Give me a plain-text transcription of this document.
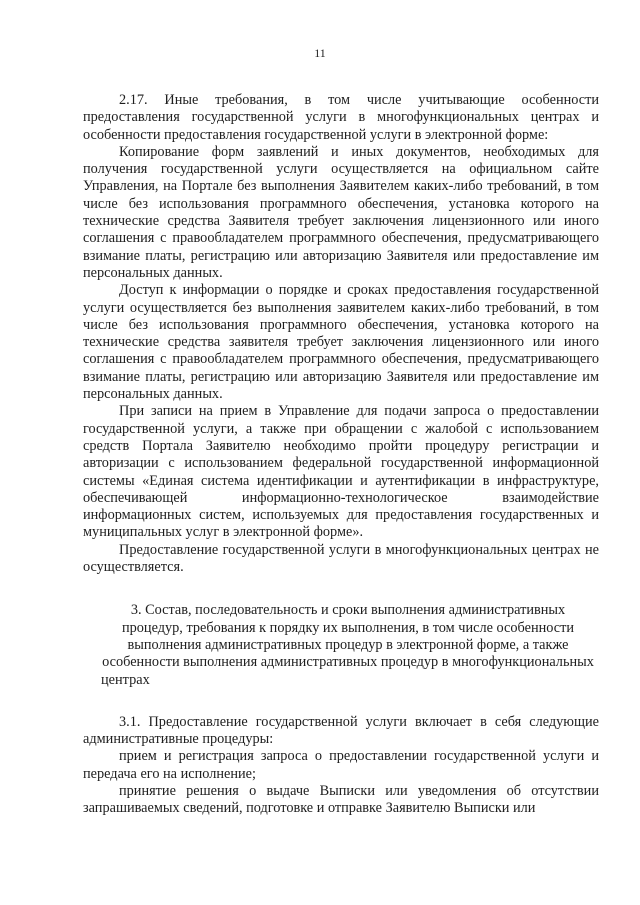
11

2.17. Иные требования, в том числе учитывающие особенности предоставления государственной услуги в многофункциональных центрах и особенности предоставления государственной услуги в электронной форме:

Копирование форм заявлений и иных документов, необходимых для получения государственной услуги осуществляется на официальном сайте Управления, на Портале без выполнения Заявителем каких-либо требований, в том числе без использования программного обеспечения, установка которого на технические средства Заявителя требует заключения лицензионного или иного соглашения с правообладателем программного обеспечения, предусматривающего взимание платы, регистрацию или авторизацию Заявителя или предоставление им персональных данных.

Доступ к информации о порядке и сроках предоставления государственной услуги осуществляется без выполнения заявителем каких-либо требований, в том числе без использования программного обеспечения, установка которого на технические средства заявителя требует заключения лицензионного или иного соглашения с правообладателем программного обеспечения, предусматривающего взимание платы, регистрацию или авторизацию Заявителя или предоставление им персональных данных.

При записи на прием в Управление для подачи запроса о предоставлении государственной услуги, а также при обращении с жалобой с использованием средств Портала Заявителю необходимо пройти процедуру регистрации и авторизации с использованием федеральной государственной информационной системы «Единая система идентификации и аутентификации в инфраструктуре, обеспечивающей информационно-технологическое взаимодействие информационных систем, используемых для предоставления государственных и муниципальных услуг в электронной форме».

Предоставление государственной услуги в многофункциональных центрах не осуществляется.

3. Состав, последовательность и сроки выполнения административных процедур, требования к порядку их выполнения, в том числе особенности выполнения административных процедур в электронной форме, а также особенности выполнения административных процедур в многофункциональных центрах

3.1. Предоставление государственной услуги включает в себя следующие административные процедуры:

прием и регистрация запроса о предоставлении государственной услуги и передача его на исполнение;

принятие решения о выдаче Выписки или уведомления об отсутствии запрашиваемых сведений, подготовке и отправке Заявителю Выписки или
